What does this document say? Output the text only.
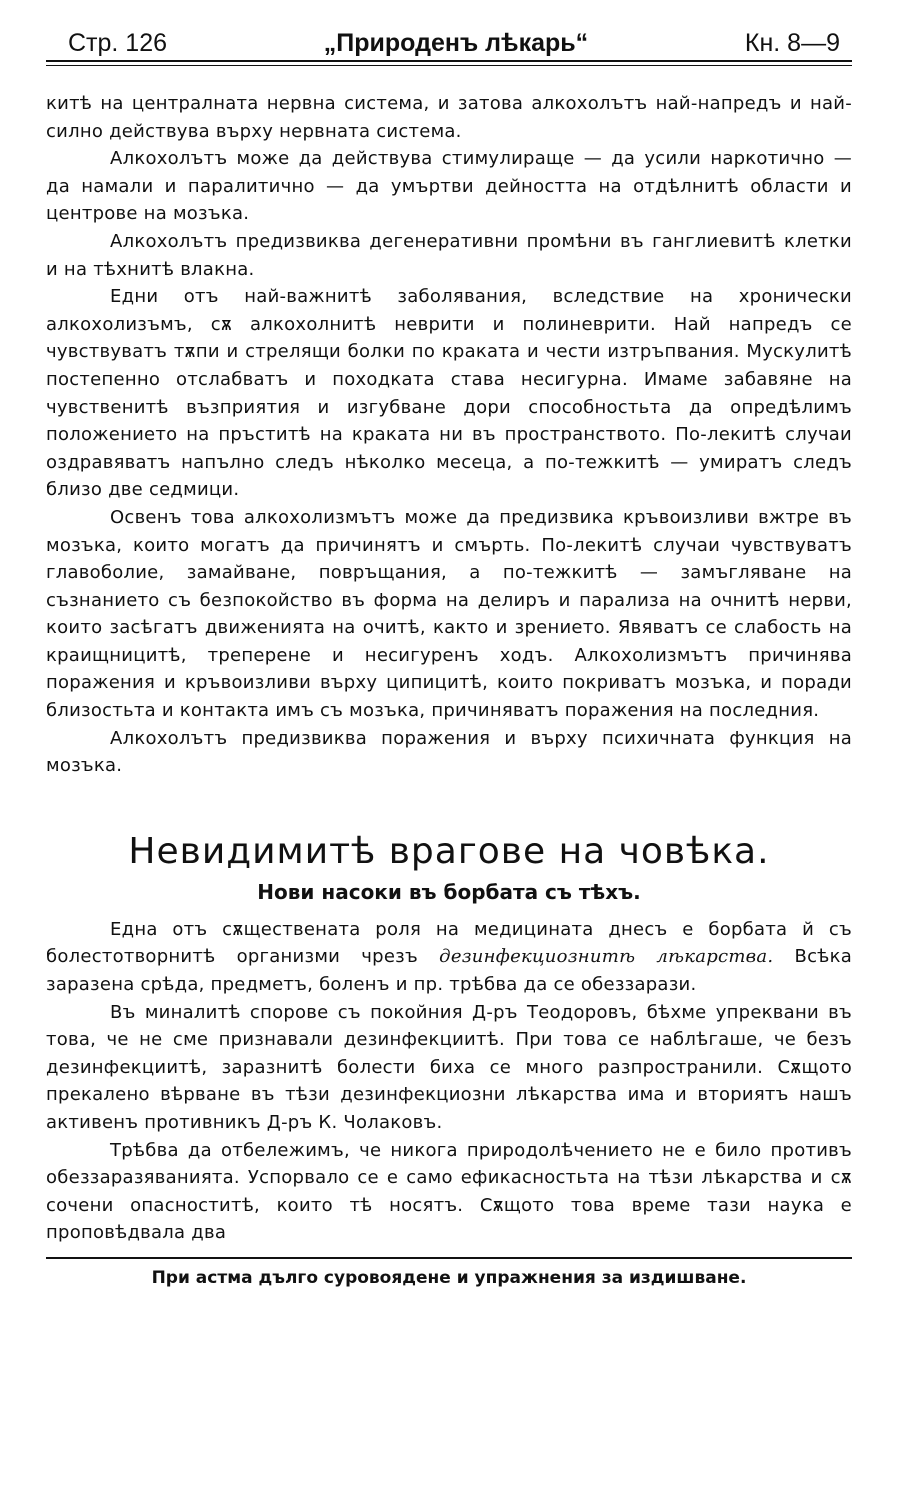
Стр. 126	„Природенъ лѣкарь“	Кн. 8—9

китѣ на централната нервна система, и затова алкохолътъ най-напредъ и най-силно действува върху нервната система.

Алкохолътъ може да действува стимулираще — да усили наркотично — да намали и паралитично — да умъртви дейността на отдѣлнитѣ области и центрове на мозъка.

Алкохолътъ предизвиква дегенеративни промѣни въ ганглиевитѣ клетки и на тѣхнитѣ влакна.

Едни отъ най-важнитѣ заболявания, вследствие на хронически алкохолизъмъ, сѫ алкохолнитѣ неврити и полиневрити. Най напредъ се чувствуватъ тѫпи и стрелящи болки по краката и чести изтръпвания. Мускулитѣ постепенно отслабватъ и походката става несигурна. Имаме забавяне на чувственитѣ възприятия и изгубване дори способностьта да опредѣлимъ положението на пръститѣ на краката ни въ пространството. По-лекитѣ случаи оздравяватъ напълно следъ нѣколко месеца, а по-тежкитѣ — умиратъ следъ близо две седмици.

Освенъ това алкохолизмътъ може да предизвика кръвоизливи вжтре въ мозъка, които могатъ да причинятъ и смърть. По-лекитѣ случаи чувствуватъ главоболие, замайване, повръщания, а по-тежкитѣ — замъгляване на съзнанието съ безпокойство въ форма на делиръ и парализа на очнитѣ нерви, които засѣгатъ движенията на очитѣ, както и зрението. Явяватъ се слабость на краищницитѣ, треперене и несигуренъ ходъ. Алкохолизмътъ причинява поражения и кръвоизливи върху ципицитѣ, които покриватъ мозъка, и поради близостьта и контакта имъ съ мозъка, причиняватъ поражения на последния.

Алкохолътъ предизвиква поражения и върху психичната функция на мозъка.

Невидимитѣ врагове на човѣка.
Нови насоки въ борбата съ тѣхъ.

Една отъ сѫществената роля на медицината днесъ е борбата й съ болестотворнитѣ организми чрезъ дезинфекциознитѣ лѣкарства. Всѣка заразена срѣда, предметъ, боленъ и пр. трѣбва да се обеззарази.

Въ миналитѣ спорове съ покойния Д-ръ Теодоровъ, бѣхме упреквани въ това, че не сме признавали дезинфекциитѣ. При това се наблѣгаше, че безъ дезинфекциитѣ, заразнитѣ болести биха се много разпространили. Сѫщото прекалено вѣрване въ тѣзи дезинфекциозни лѣкарства има и вториятъ нашъ активенъ противникъ Д-ръ К. Чолаковъ.

Трѣбва да отбележимъ, че никога природолѣчението не е било противъ обеззаразяванията. Успорвало се е само ефикасностьта на тѣзи лѣкарства и сѫ сочени опасноститѣ, които тѣ носятъ. Сѫщото това време тази наука е проповѣдвала два

При астма дълго суровоядене и упражнения за издишване.
